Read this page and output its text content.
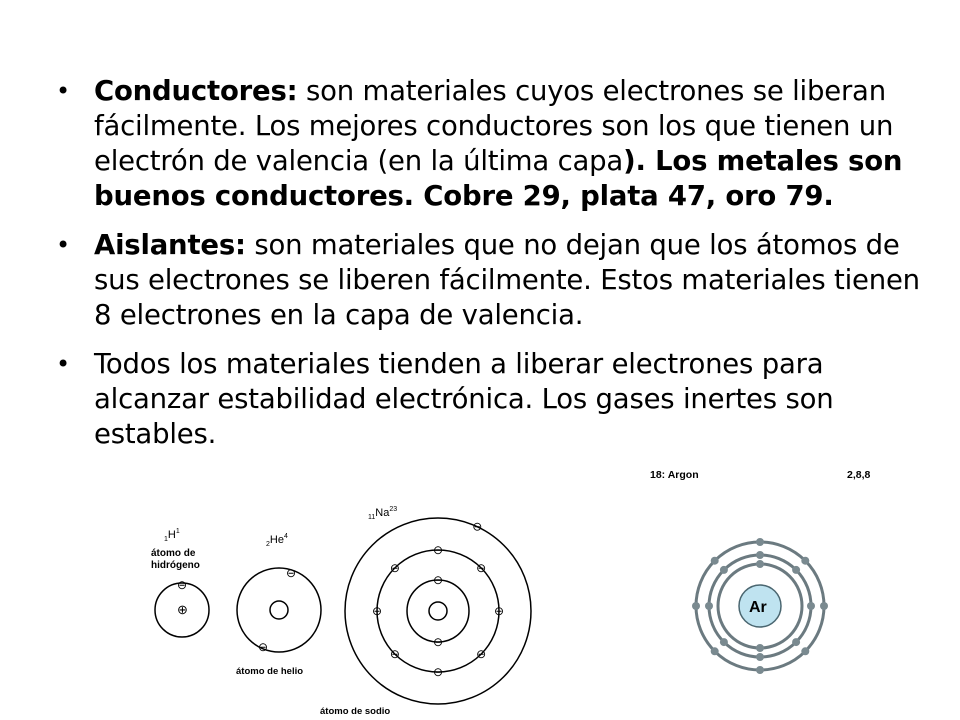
• Conductores: son materiales cuyos electrones se liberan fácilmente. Los mejores conductores son los que tienen un electrón de valencia (en la última capa). Los metales son buenos conductores. Cobre 29, plata 47, oro 79.
• Aislantes: son materiales que no dejan que los átomos de sus electrones se liberen fácilmente. Estos materiales tienen 8 electrones en la capa de valencia.
• Todos los materiales tienden a liberar electrones para alcanzar estabilidad electrónica. Los gases inertes son estables.
$_1H^1$
átomo de
hidrógeno
⊕
⊖
$_2He^4$
⊖
⊖
átomo de helio
$_{11}Na^{23}$
⊖
⊖
⊖
⊖
⊖
⊖
⊖
⊖
⊖
⊖
⊖
átomo de sodio
18: Argon	2,8,8
Ar
